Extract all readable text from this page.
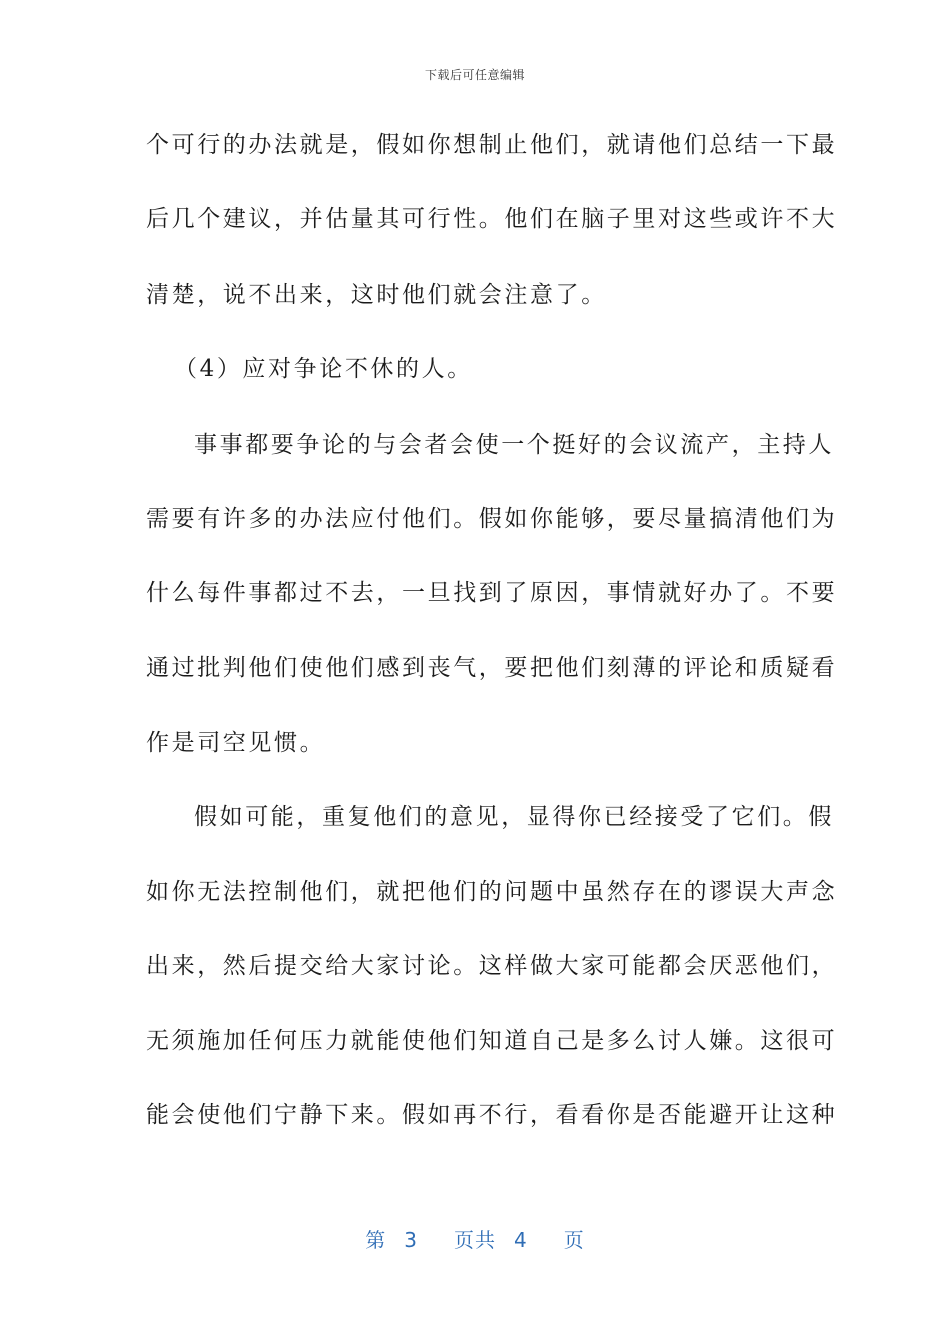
下载后可任意编辑
个可行的办法就是，假如你想制止他们，就请他们总结一下最
后几个建议，并估量其可行性。他们在脑子里对这些或许不大
清楚，说不出来，这时他们就会注意了。
（4）应对争论不休的人。
事事都要争论的与会者会使一个挺好的会议流产，主持人
需要有许多的办法应付他们。假如你能够，要尽量搞清他们为
什么每件事都过不去，一旦找到了原因，事情就好办了。不要
通过批判他们使他们感到丧气，要把他们刻薄的评论和质疑看
作是司空见惯。
假如可能，重复他们的意见，显得你已经接受了它们。假
如你无法控制他们，就把他们的问题中虽然存在的谬误大声念
出来，然后提交给大家讨论。这样做大家可能都会厌恶他们，
无须施加任何压力就能使他们知道自己是多么讨人嫌。这很可
能会使他们宁静下来。假如再不行，看看你是否能避开让这种
第 3 页共 4 页
